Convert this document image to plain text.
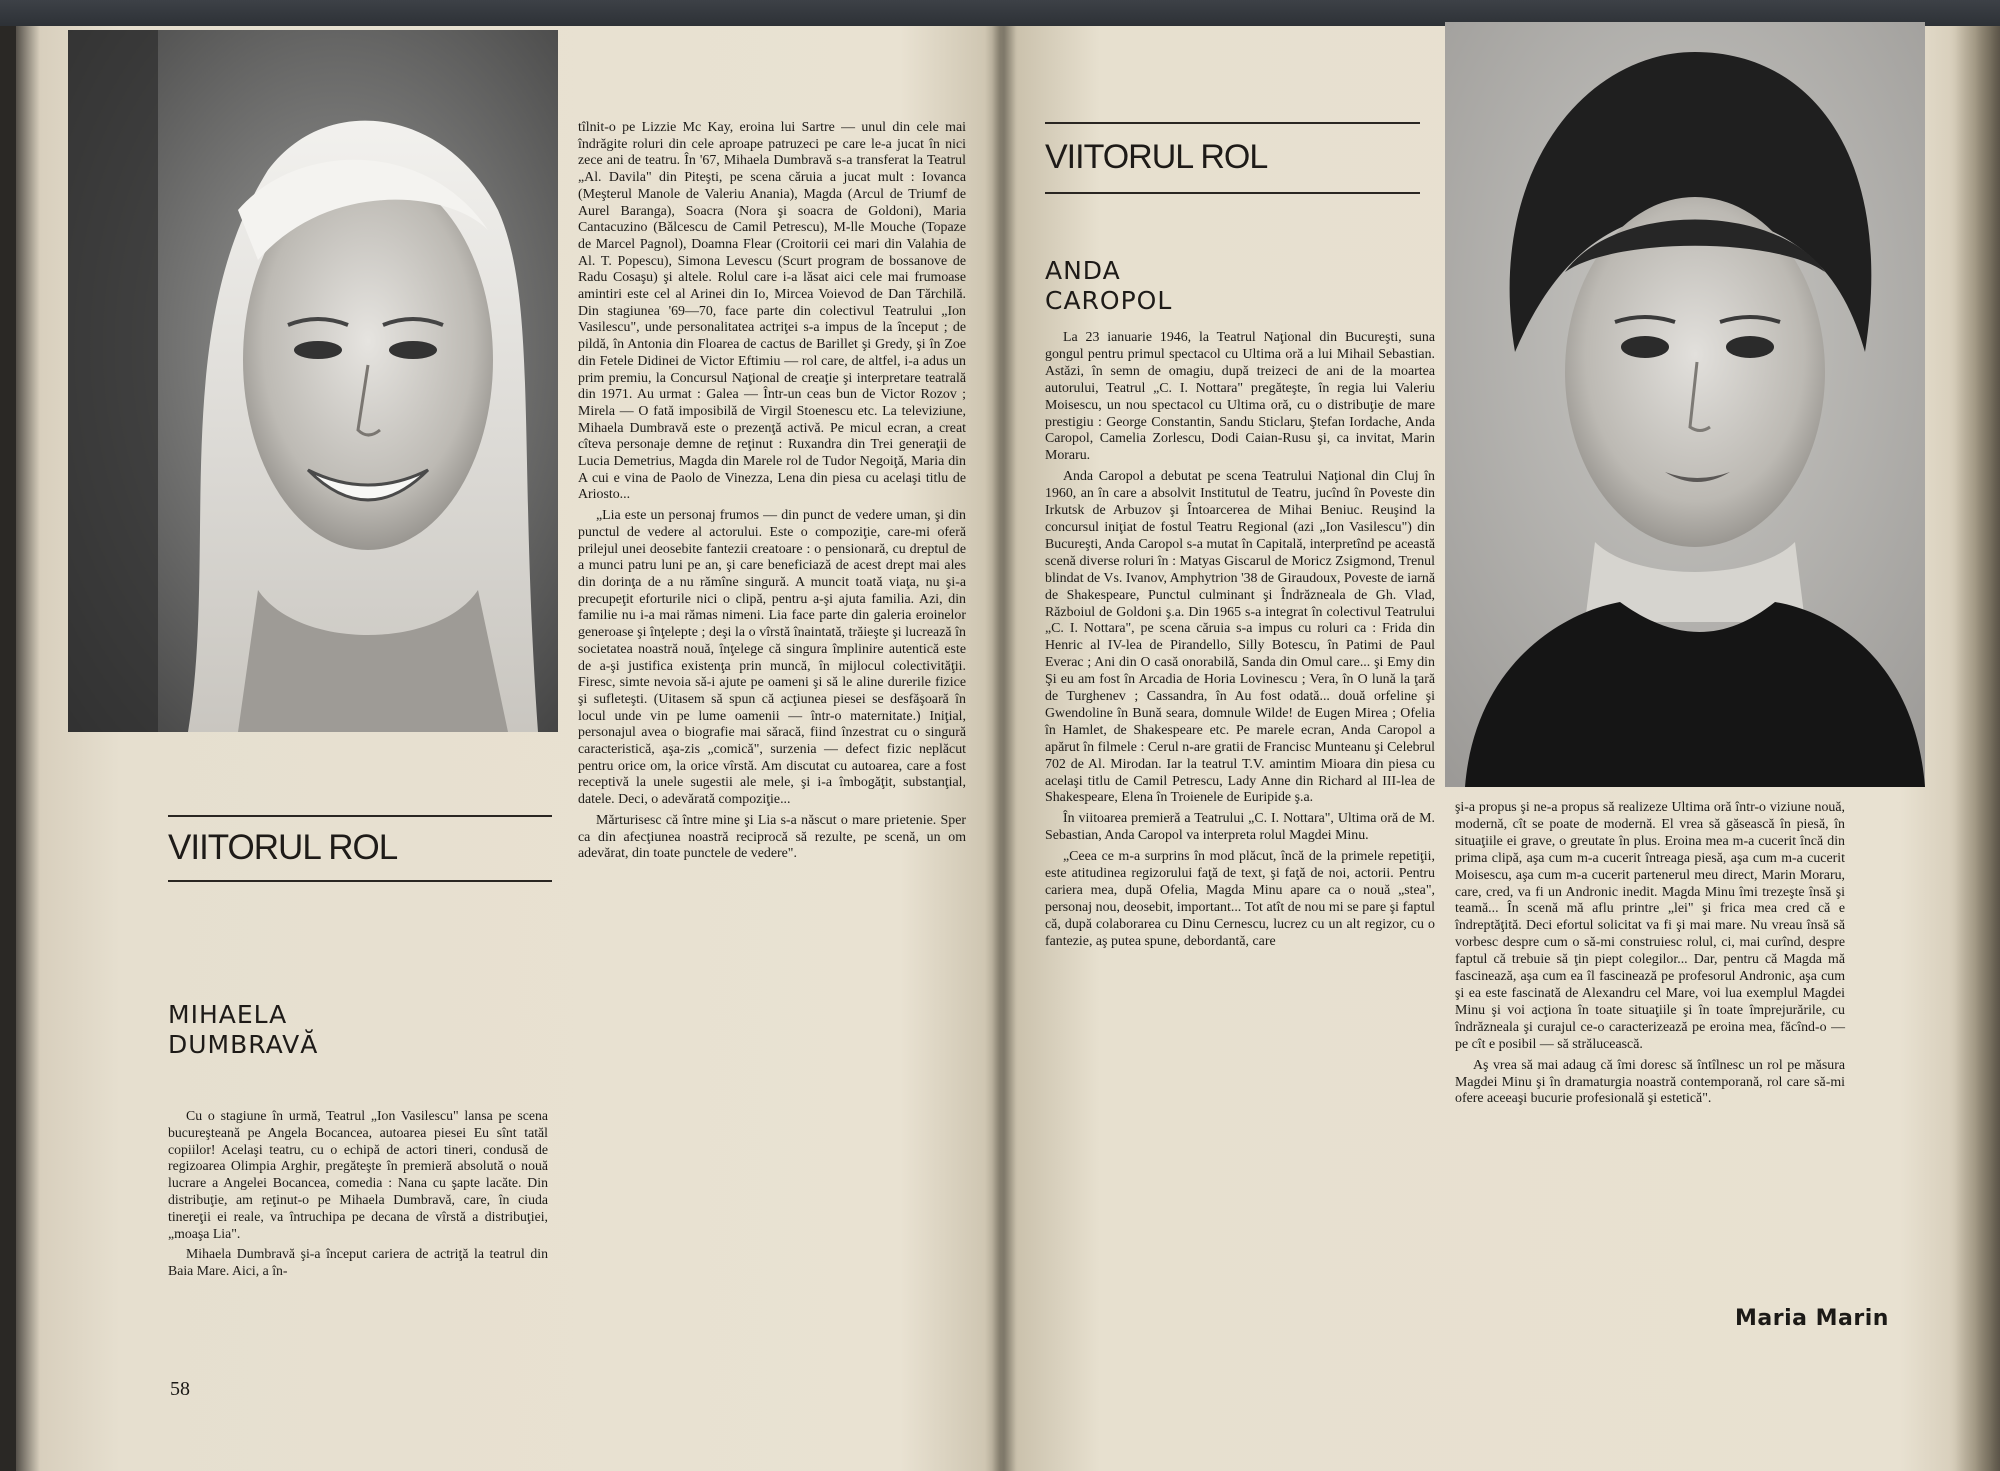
tîlnit-o pe Lizzie Mc Kay, eroina lui Sartre — unul din cele mai îndrăgite roluri din cele aproape patruzeci pe care le-a jucat în nici zece ani de teatru. În '67, Mihaela Dumbravă s-a transferat la Teatrul „Al. Davila" din Piteşti, pe scena căruia a jucat mult : Iovanca (Meşterul Manole de Valeriu Anania), Magda (Arcul de Triumf de Aurel Baranga), Soacra (Nora şi soacra de Goldoni), Maria Cantacuzino (Bălcescu de Camil Petrescu), M-lle Mouche (Topaze de Marcel Pagnol), Doamna Flear (Croitorii cei mari din Valahia de Al. T. Popescu), Simona Levescu (Scurt program de bossanove de Radu Cosaşu) şi altele. Rolul care i-a lăsat aici cele mai frumoase amintiri este cel al Arinei din Io, Mircea Voievod de Dan Tărchilă. Din stagiunea '69—70, face parte din colectivul Teatrului „Ion Vasilescu", unde personalitatea actriţei s-a impus de la început ; de pildă, în Antonia din Floarea de cactus de Barillet şi Gredy, şi în Zoe din Fetele Didinei de Victor Eftimiu — rol care, de altfel, i-a adus un prim premiu, la Concursul Naţional de creaţie şi interpretare teatrală din 1971. Au urmat : Galea — Într-un ceas bun de Victor Rozov ; Mirela — O fată imposibilă de Virgil Stoenescu etc. La televiziune, Mihaela Dumbravă este o prezenţă activă. Pe micul ecran, a creat cîteva personaje demne de reţinut : Ruxandra din Trei generaţii de Lucia Demetrius, Magda din Marele rol de Tudor Negoiţă, Maria din A cui e vina de Paolo de Vinezza, Lena din piesa cu acelaşi titlu de Ariosto...

„Lia este un personaj frumos — din punct de vedere uman, şi din punctul de vedere al actorului. Este o compoziţie, care-mi oferă prilejul unei deosebite fantezii creatoare : o pensionară, cu dreptul de a munci patru luni pe an, şi care beneficiază de acest drept mai ales din dorinţa de a nu rămîne singură. A muncit toată viaţa, nu şi-a precupeţit eforturile nici o clipă, pentru a-şi ajuta familia. Azi, din familie nu i-a mai rămas nimeni. Lia face parte din galeria eroinelor generoase şi înţelepte ; deşi la o vîrstă înaintată, trăieşte şi lucrează în societatea noastră nouă, înţelege că singura împlinire autentică este de a-şi justifica existenţa prin muncă, în mijlocul colectivităţii. Firesc, simte nevoia să-i ajute pe oameni şi să le aline durerile fizice şi sufleteşti. (Uitasem să spun că acţiunea piesei se desfăşoară în locul unde vin pe lume oamenii — într-o maternitate.) Iniţial, personajul avea o biografie mai săracă, fiind înzestrat cu o singură caracteristică, aşa-zis „comică", surzenia — defect fizic neplăcut pentru orice om, la orice vîrstă. Am discutat cu autoarea, care a fost receptivă la unele sugestii ale mele, şi i-a îmbogăţit, substanţial, datele. Deci, o adevărată compoziţie...

Mărturisesc că între mine şi Lia s-a născut o mare prietenie. Sper ca din afecţiunea noastră reciprocă să rezulte, pe scenă, un om adevărat, din toate punctele de vedere".

VIITORUL ROL
MIHAELA
DUMBRAVĂ

Cu o stagiune în urmă, Teatrul „Ion Vasilescu" lansa pe scena bucureşteană pe Angela Bocancea, autoarea piesei Eu sînt tatăl copiilor! Acelaşi teatru, cu o echipă de actori tineri, condusă de regizoarea Olimpia Arghir, pregăteşte în premieră absolută o nouă lucrare a Angelei Bocancea, comedia : Nana cu şapte lacăte. Din distribuţie, am reţinut-o pe Mihaela Dumbravă, care, în ciuda tinereţii ei reale, va întruchipa pe decana de vîrstă a distribuţiei, „moaşa Lia".

Mihaela Dumbravă şi-a început cariera de actriţă la teatrul din Baia Mare. Aici, a în-

58
VIITORUL ROL
ANDA
CAROPOL

La 23 ianuarie 1946, la Teatrul Naţional din Bucureşti, suna gongul pentru primul spectacol cu Ultima oră a lui Mihail Sebastian. Astăzi, în semn de omagiu, după treizeci de ani de la moartea autorului, Teatrul „C. I. Nottara" pregăteşte, în regia lui Valeriu Moisescu, un nou spectacol cu Ultima oră, cu o distribuţie de mare prestigiu : George Constantin, Sandu Sticlaru, Ştefan Iordache, Anda Caropol, Camelia Zorlescu, Dodi Caian-Rusu şi, ca invitat, Marin Moraru.

Anda Caropol a debutat pe scena Teatrului Naţional din Cluj în 1960, an în care a absolvit Institutul de Teatru, jucînd în Poveste din Irkutsk de Arbuzov şi Întoarcerea de Mihai Beniuc. Reuşind la concursul iniţiat de fostul Teatru Regional (azi „Ion Vasilescu") din Bucureşti, Anda Caropol s-a mutat în Capitală, interpretînd pe această scenă diverse roluri în : Matyas Giscarul de Moricz Zsigmond, Trenul blindat de Vs. Ivanov, Amphytrion '38 de Giraudoux, Poveste de iarnă de Shakespeare, Punctul culminant şi Îndrăzneala de Gh. Vlad, Războiul de Goldoni ş.a. Din 1965 s-a integrat în colectivul Teatrului „C. I. Nottara", pe scena căruia s-a impus cu roluri ca : Frida din Henric al IV-lea de Pirandello, Silly Botescu, în Patimi de Paul Everac ; Ani din O casă onorabilă, Sanda din Omul care... şi Emy din Şi eu am fost în Arcadia de Horia Lovinescu ; Vera, în O lună la ţară de Turghenev ; Cassandra, în Au fost odată... două orfeline şi Gwendoline în Bună seara, domnule Wilde! de Eugen Mirea ; Ofelia în Hamlet, de Shakespeare etc. Pe marele ecran, Anda Caropol a apărut în filmele : Cerul n-are gratii de Francisc Munteanu şi Celebrul 702 de Al. Mirodan. Iar la teatrul T.V. amintim Mioara din piesa cu acelaşi titlu de Camil Petrescu, Lady Anne din Richard al III-lea de Shakespeare, Elena în Troienele de Euripide ş.a.

În viitoarea premieră a Teatrului „C. I. Nottara", Ultima oră de M. Sebastian, Anda Caropol va interpreta rolul Magdei Minu.

„Ceea ce m-a surprins în mod plăcut, încă de la primele repetiţii, este atitudinea regizorului faţă de text, şi faţă de noi, actorii. Pentru cariera mea, după Ofelia, Magda Minu apare ca o nouă „stea", personaj nou, deosebit, important... Tot atît de nou mi se pare şi faptul că, după colaborarea cu Dinu Cernescu, lucrez cu un alt regizor, cu o fantezie, aş putea spune, debordantă, care

şi-a propus şi ne-a propus să realizeze Ultima oră într-o viziune nouă, modernă, cît se poate de modernă. El vrea să găsească în piesă, în situaţiile ei grave, o greutate în plus. Eroina mea m-a cucerit încă din prima clipă, aşa cum m-a cucerit întreaga piesă, aşa cum m-a cucerit Moisescu, aşa cum m-a cucerit partenerul meu direct, Marin Moraru, care, cred, va fi un Andronic inedit. Magda Minu îmi trezeşte însă şi teamă... În scenă mă aflu printre „lei" şi frica mea cred că e îndreptăţită. Deci efortul solicitat va fi şi mai mare. Nu vreau însă să vorbesc despre cum o să-mi construiesc rolul, ci, mai curînd, despre faptul că trebuie să ţin piept colegilor... Dar, pentru că Magda mă fascinează, aşa cum ea îl fascinează pe profesorul Andronic, aşa cum şi ea este fascinată de Alexandru cel Mare, voi lua exemplul Magdei Minu şi voi acţiona în toate situaţiile şi în toate împrejurările, cu îndrăzneala şi curajul ce-o caracterizează pe eroina mea, făcînd-o — pe cît e posibil — să strălucească.

Aş vrea să mai adaug că îmi doresc să întîlnesc un rol pe măsura Magdei Minu şi în dramaturgia noastră contemporană, rol care să-mi ofere aceeaşi bucurie profesională şi estetică".

Maria Marin
